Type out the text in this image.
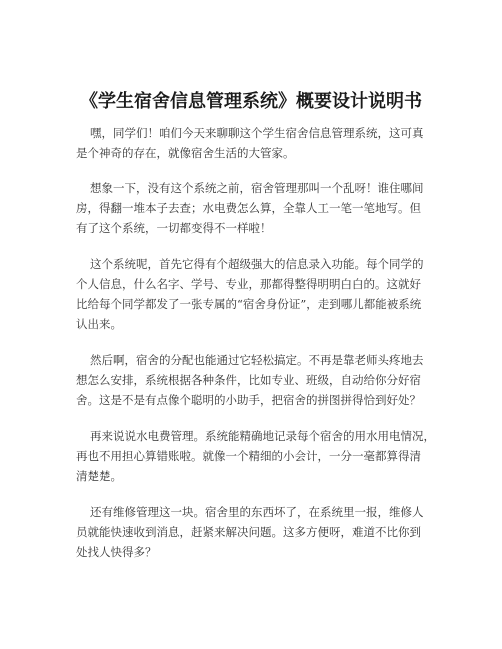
《学生宿舍信息管理系统》概要设计说明书

嘿，同学们！咱们今天来聊聊这个学生宿舍信息管理系统，这可真
是个神奇的存在，就像宿舍生活的大管家。

想象一下，没有这个系统之前，宿舍管理那叫一个乱呀！谁住哪间
房，得翻一堆本子去查；水电费怎么算，全靠人工一笔一笔地写。但
有了这个系统，一切都变得不一样啦！

这个系统呢，首先它得有个超级强大的信息录入功能。每个同学的
个人信息，什么名字、学号、专业，那都得整得明明白白的。这就好
比给每个同学都发了一张专属的“宿舍身份证”，走到哪儿都能被系统
认出来。

然后啊，宿舍的分配也能通过它轻松搞定。不再是靠老师头疼地去
想怎么安排，系统根据各种条件，比如专业、班级，自动给你分好宿
舍。这是不是有点像个聪明的小助手，把宿舍的拼图拼得恰到好处？

再来说说水电费管理。系统能精确地记录每个宿舍的用水用电情况，
再也不用担心算错账啦。就像一个精细的小会计，一分一毫都算得清
清楚楚。

还有维修管理这一块。宿舍里的东西坏了，在系统里一报，维修人
员就能快速收到消息，赶紧来解决问题。这多方便呀，难道不比你到
处找人快得多？
